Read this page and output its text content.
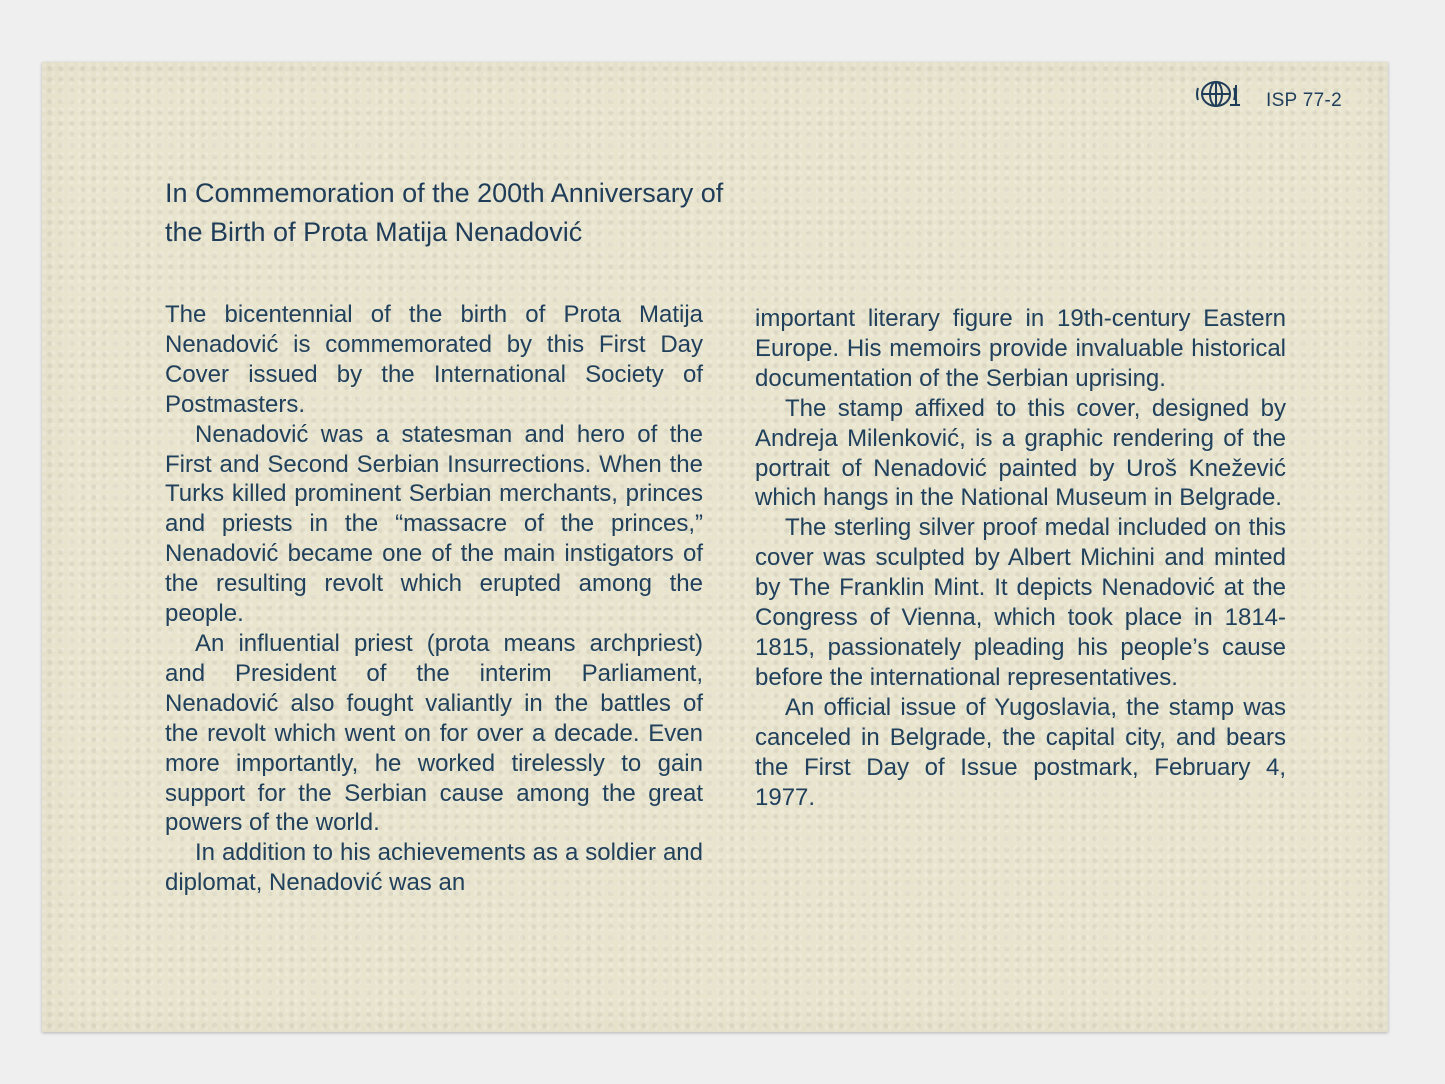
ISP 77-2
In Commemoration of the 200th Anniversary of
the Birth of Prota Matija Nenadović

The bicentennial of the birth of Prota Matija Nenadović is commemorated by this First Day Cover issued by the International Society of Postmasters.

Nenadović was a statesman and hero of the First and Second Serbian Insurrections. When the Turks killed prominent Serbian merchants, princes and priests in the “massacre of the princes,” Nenadović became one of the main instigators of the resulting revolt which erupted among the people.

An influential priest (prota means archpriest) and President of the interim Parliament, Nenadović also fought valiantly in the battles of the revolt which went on for over a decade. Even more importantly, he worked tirelessly to gain support for the Serbian cause among the great powers of the world.

In addition to his achievements as a soldier and diplomat, Nenadović was an

important literary figure in 19th-century Eastern Europe. His memoirs provide invaluable historical documentation of the Serbian uprising.

The stamp affixed to this cover, designed by Andreja Milenković, is a graphic rendering of the portrait of Nenadović painted by Uroš Knežević which hangs in the National Museum in Belgrade.

The sterling silver proof medal included on this cover was sculpted by Albert Michini and minted by The Franklin Mint. It depicts Nenadović at the Congress of Vienna, which took place in 1814-1815, passionately pleading his people’s cause before the international representatives.

An official issue of Yugoslavia, the stamp was canceled in Belgrade, the capital city, and bears the First Day of Issue postmark, February 4, 1977.
